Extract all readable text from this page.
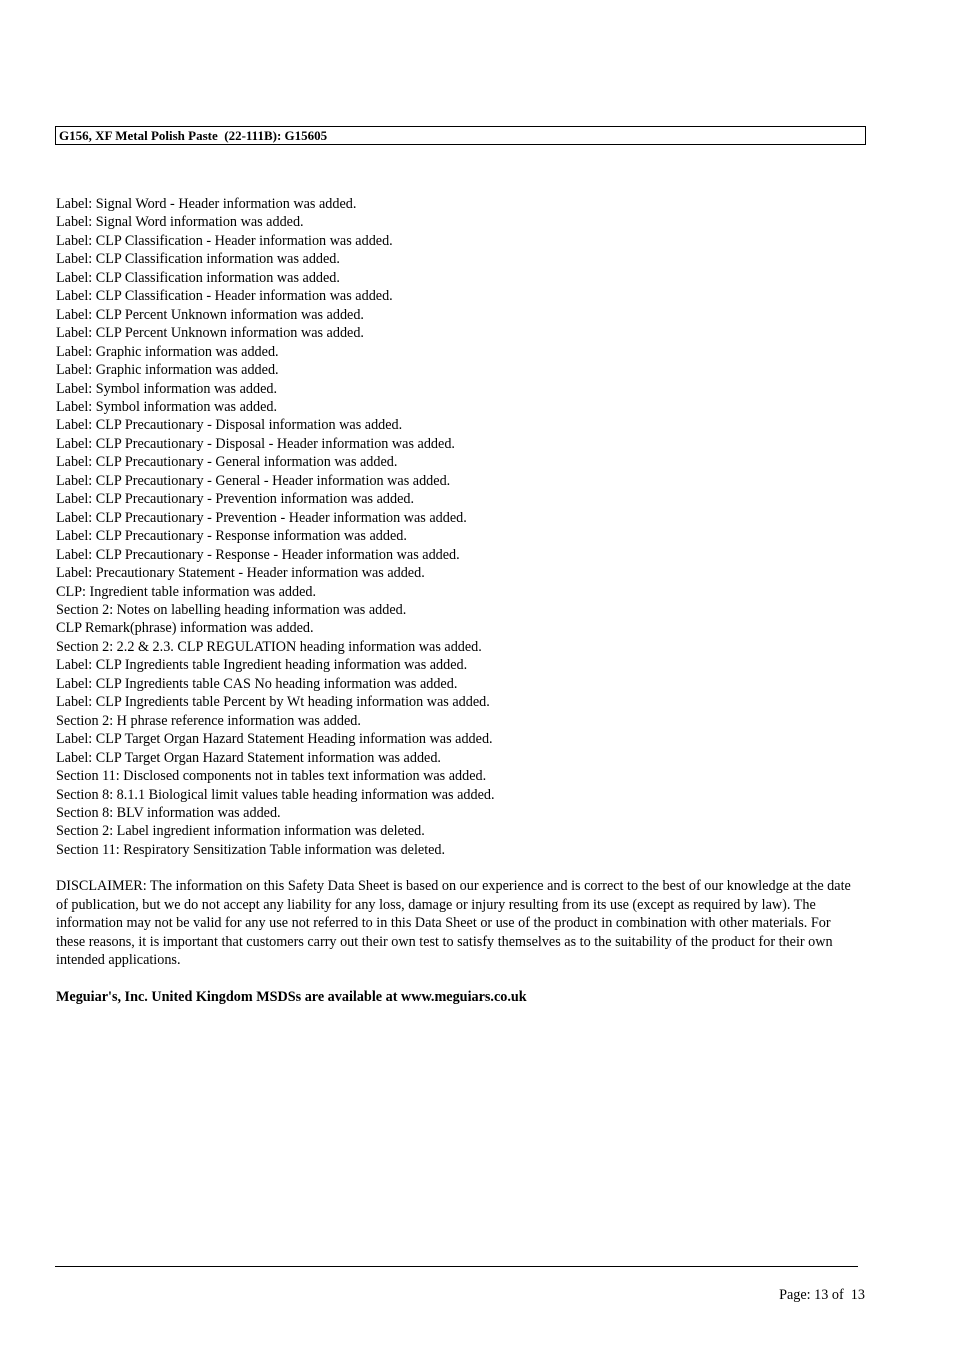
G156, XF Metal Polish Paste  (22-111B): G15605
Label: Signal Word - Header information was added.
Label: Signal Word information was added.
Label: CLP Classification - Header information was added.
Label: CLP Classification information was added.
Label: CLP Classification information was added.
Label: CLP Classification - Header information was added.
Label: CLP Percent Unknown information was added.
Label: CLP Percent Unknown information was added.
Label: Graphic information was added.
Label: Graphic information was added.
Label: Symbol information was added.
Label: Symbol information was added.
Label: CLP Precautionary - Disposal information was added.
Label: CLP Precautionary - Disposal - Header information was added.
Label: CLP Precautionary - General information was added.
Label: CLP Precautionary - General - Header information was added.
Label: CLP Precautionary - Prevention information was added.
Label: CLP Precautionary - Prevention - Header information was added.
Label: CLP Precautionary - Response information was added.
Label: CLP Precautionary - Response - Header information was added.
Label: Precautionary Statement - Header information was added.
CLP: Ingredient table information was added.
Section 2: Notes on labelling heading information was added.
CLP Remark(phrase) information was added.
Section 2: 2.2 & 2.3. CLP REGULATION heading information was added.
Label: CLP Ingredients table Ingredient heading information was added.
Label: CLP Ingredients table CAS No heading information was added.
Label: CLP Ingredients table Percent by Wt heading information was added.
Section 2: H phrase reference information was added.
Label: CLP Target Organ Hazard Statement Heading information was added.
Label: CLP Target Organ Hazard Statement information was added.
Section 11: Disclosed components not in tables text information was added.
Section 8: 8.1.1 Biological limit values table heading information was added.
Section 8: BLV information was added.
Section 2: Label ingredient information information was deleted.
Section 11: Respiratory Sensitization Table information was deleted.

DISCLAIMER: The information on this Safety Data Sheet is based on our experience and is correct to the best of our knowledge at the date of publication, but we do not accept any liability for any loss, damage or injury resulting from its use (except as required by law). The information may not be valid for any use not referred to in this Data Sheet or use of the product in combination with other materials. For these reasons, it is important that customers carry out their own test to satisfy themselves as to the suitability of the product for their own intended applications.

Meguiar's, Inc. United Kingdom MSDSs are available at www.meguiars.co.uk

Page: 13 of  13
